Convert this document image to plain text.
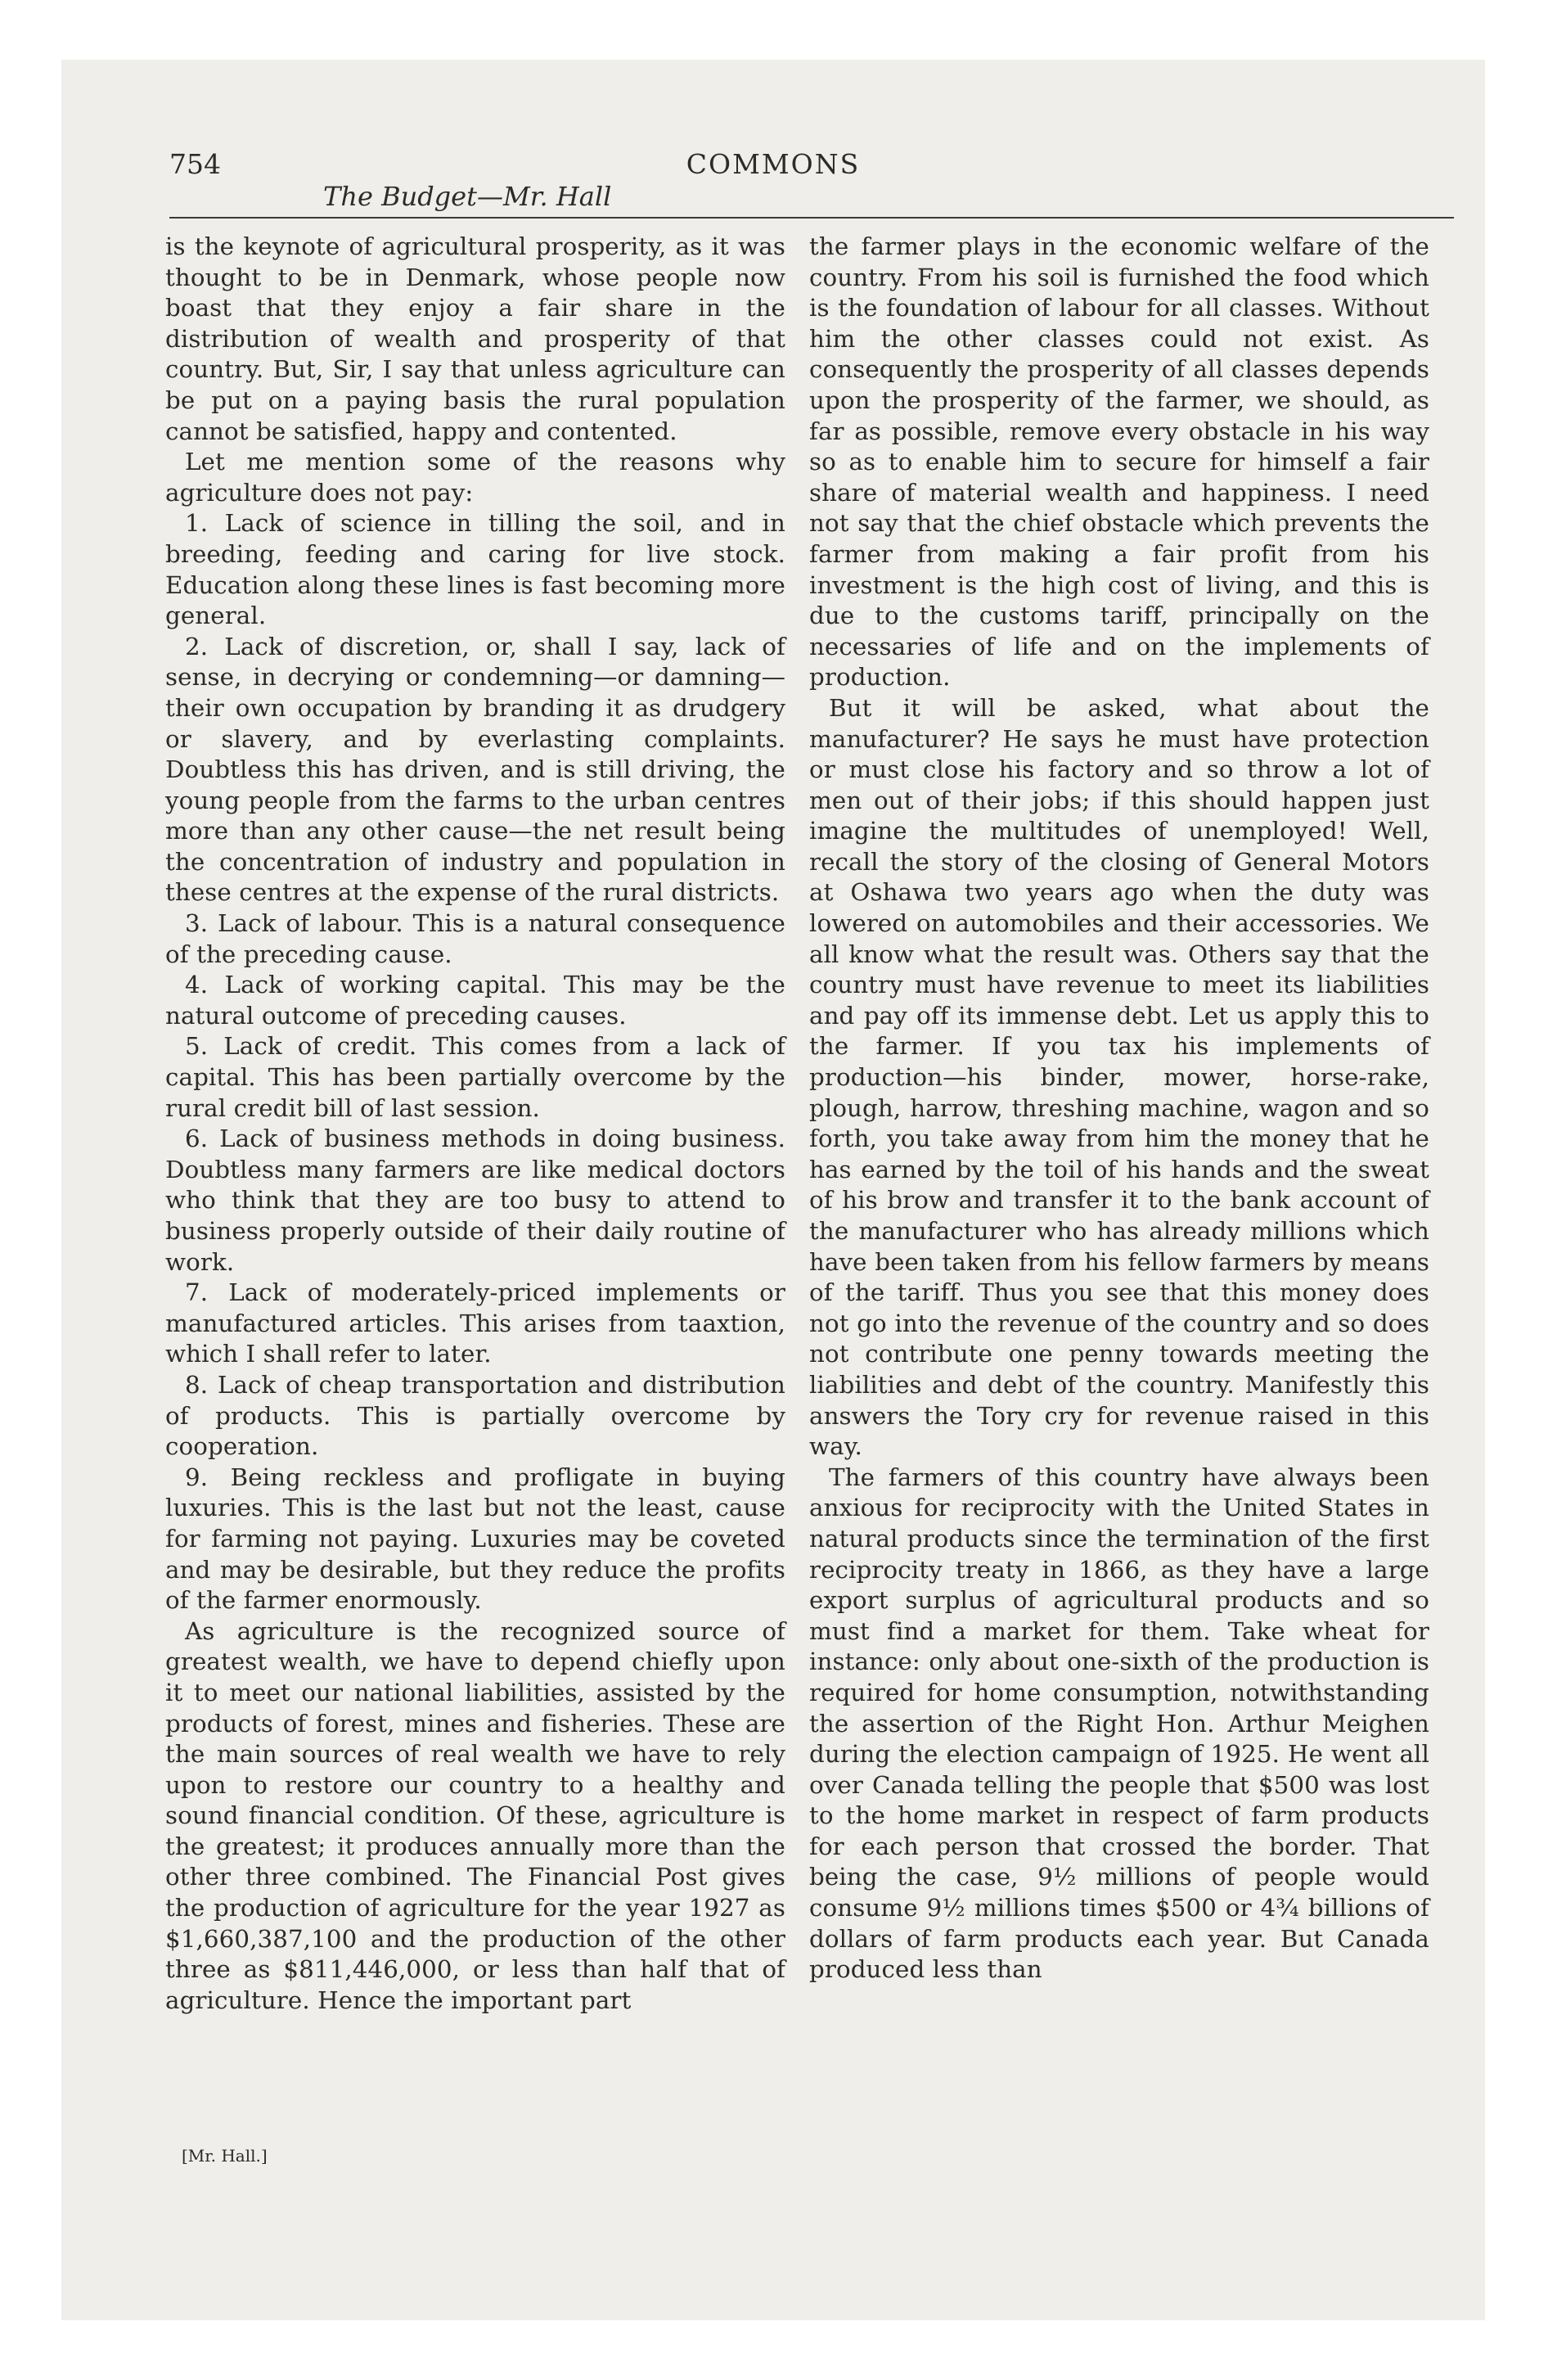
754	COMMONS
The Budget—Mr. Hall

is the keynote of agricultural prosperity, as it was thought to be in Denmark, whose people now boast that they enjoy a fair share in the distribution of wealth and prosperity of that country. But, Sir, I say that unless agriculture can be put on a paying basis the rural population cannot be satisfied, happy and contented.

Let me mention some of the reasons why agriculture does not pay:

1. Lack of science in tilling the soil, and in breeding, feeding and caring for live stock. Education along these lines is fast becoming more general.

2. Lack of discretion, or, shall I say, lack of sense, in decrying or condemning—or damning—their own occupation by branding it as drudgery or slavery, and by everlasting complaints. Doubtless this has driven, and is still driving, the young people from the farms to the urban centres more than any other cause—the net result being the concentration of industry and population in these centres at the expense of the rural districts.

3. Lack of labour. This is a natural consequence of the preceding cause.

4. Lack of working capital. This may be the natural outcome of preceding causes.

5. Lack of credit. This comes from a lack of capital. This has been partially overcome by the rural credit bill of last session.

6. Lack of business methods in doing business. Doubtless many farmers are like medical doctors who think that they are too busy to attend to business properly outside of their daily routine of work.

7. Lack of moderately-priced implements or manufactured articles. This arises from taaxtion, which I shall refer to later.

8. Lack of cheap transportation and distribution of products. This is partially overcome by cooperation.

9. Being reckless and profligate in buying luxuries. This is the last but not the least, cause for farming not paying. Luxuries may be coveted and may be desirable, but they reduce the profits of the farmer enormously.

As agriculture is the recognized source of greatest wealth, we have to depend chiefly upon it to meet our national liabilities, assisted by the products of forest, mines and fisheries. These are the main sources of real wealth we have to rely upon to restore our country to a healthy and sound financial condition. Of these, agriculture is the greatest; it produces annually more than the other three combined. The Financial Post gives the production of agriculture for the year 1927 as $1,660,387,100 and the production of the other three as $811,446,000, or less than half that of agriculture. Hence the important part

the farmer plays in the economic welfare of the country. From his soil is furnished the food which is the foundation of labour for all classes. Without him the other classes could not exist. As consequently the prosperity of all classes depends upon the prosperity of the farmer, we should, as far as possible, remove every obstacle in his way so as to enable him to secure for himself a fair share of material wealth and happiness. I need not say that the chief obstacle which prevents the farmer from making a fair profit from his investment is the high cost of living, and this is due to the customs tariff, principally on the necessaries of life and on the implements of production.

But it will be asked, what about the manufacturer? He says he must have protection or must close his factory and so throw a lot of men out of their jobs; if this should happen just imagine the multitudes of unemployed! Well, recall the story of the closing of General Motors at Oshawa two years ago when the duty was lowered on automobiles and their accessories. We all know what the result was. Others say that the country must have revenue to meet its liabilities and pay off its immense debt. Let us apply this to the farmer. If you tax his implements of production—his binder, mower, horse-rake, plough, harrow, threshing machine, wagon and so forth, you take away from him the money that he has earned by the toil of his hands and the sweat of his brow and transfer it to the bank account of the manufacturer who has already millions which have been taken from his fellow farmers by means of the tariff. Thus you see that this money does not go into the revenue of the country and so does not contribute one penny towards meeting the liabilities and debt of the country. Manifestly this answers the Tory cry for revenue raised in this way.

The farmers of this country have always been anxious for reciprocity with the United States in natural products since the termination of the first reciprocity treaty in 1866, as they have a large export surplus of agricultural products and so must find a market for them. Take wheat for instance: only about one-sixth of the production is required for home consumption, notwithstanding the assertion of the Right Hon. Arthur Meighen during the election campaign of 1925. He went all over Canada telling the people that $500 was lost to the home market in respect of farm products for each person that crossed the border. That being the case, 9½ millions of people would consume 9½ millions times $500 or 4¾ billions of dollars of farm products each year. But Canada produced less than

[Mr. Hall.]
